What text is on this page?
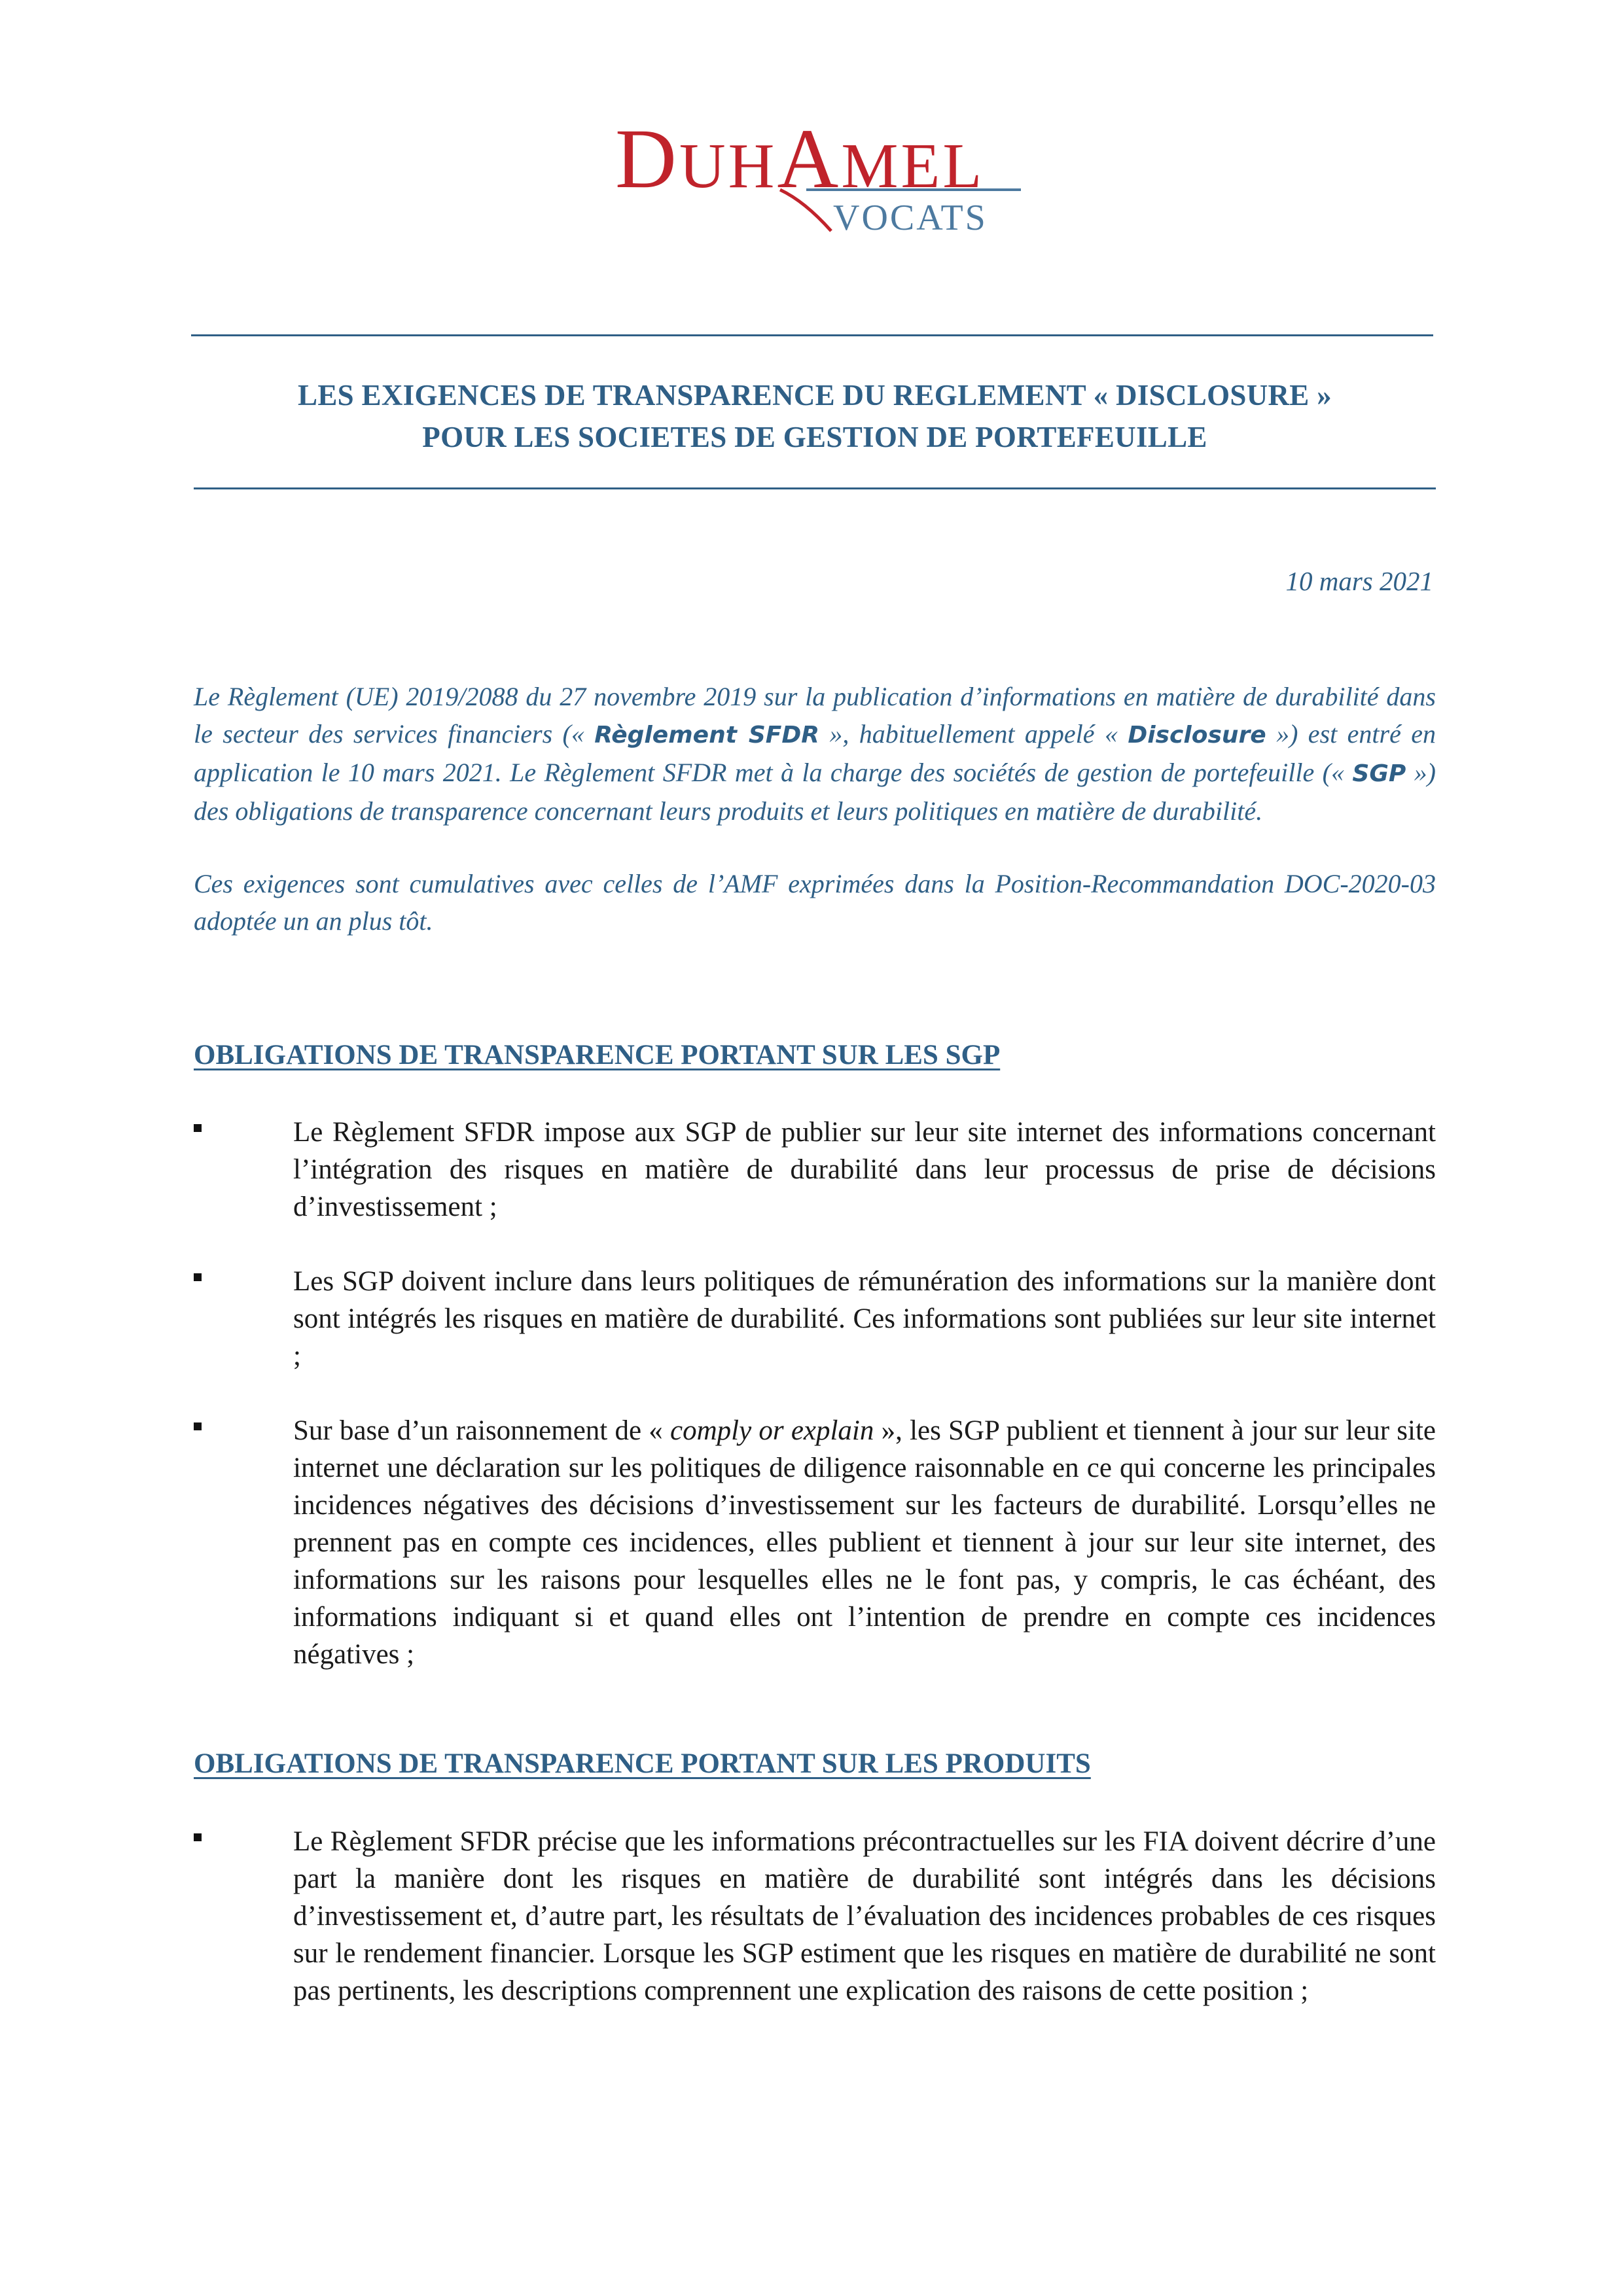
DUHAMEL
VOCATS
LES EXIGENCES DE TRANSPARENCE DU REGLEMENT « DISCLOSURE »
POUR LES SOCIETES DE GESTION DE PORTEFEUILLE
10 mars 2021

Le Règlement (UE) 2019/2088 du 27 novembre 2019 sur la publication d’informations en matière de durabilité dans le secteur des services financiers (« Règlement SFDR », habituellement appelé « Disclosure ») est entré en application le 10 mars 2021. Le Règlement SFDR met à la charge des sociétés de gestion de portefeuille (« SGP ») des obligations de transparence concernant leurs produits et leurs politiques en matière de durabilité.

Ces exigences sont cumulatives avec celles de l’AMF exprimées dans la Position-Recommandation DOC-2020-03 adoptée un an plus tôt.

OBLIGATIONS DE TRANSPARENCE PORTANT SUR LES SGP

Le Règlement SFDR impose aux SGP de publier sur leur site internet des informations concernant l’intégration des risques en matière de durabilité dans leur processus de prise de décisions d’investissement ;

Les SGP doivent inclure dans leurs politiques de rémunération des informations sur la manière dont sont intégrés les risques en matière de durabilité. Ces informations sont publiées sur leur site internet ;

Sur base d’un raisonnement de « comply or explain », les SGP publient et tiennent à jour sur leur site internet une déclaration sur les politiques de diligence raisonnable en ce qui concerne les principales incidences négatives des décisions d’investissement sur les facteurs de durabilité. Lorsqu’elles ne prennent pas en compte ces incidences, elles publient et tiennent à jour sur leur site internet, des informations sur les raisons pour lesquelles elles ne le font pas, y compris, le cas échéant, des informations indiquant si et quand elles ont l’intention de prendre en compte ces incidences négatives ;

OBLIGATIONS DE TRANSPARENCE PORTANT SUR LES PRODUITS

Le Règlement SFDR précise que les informations précontractuelles sur les FIA doivent décrire d’une part la manière dont les risques en matière de durabilité sont intégrés dans les décisions d’investissement et, d’autre part, les résultats de l’évaluation des incidences probables de ces risques sur le rendement financier. Lorsque les SGP estiment que les risques en matière de durabilité ne sont pas pertinents, les descriptions comprennent une explication des raisons de cette position ;
